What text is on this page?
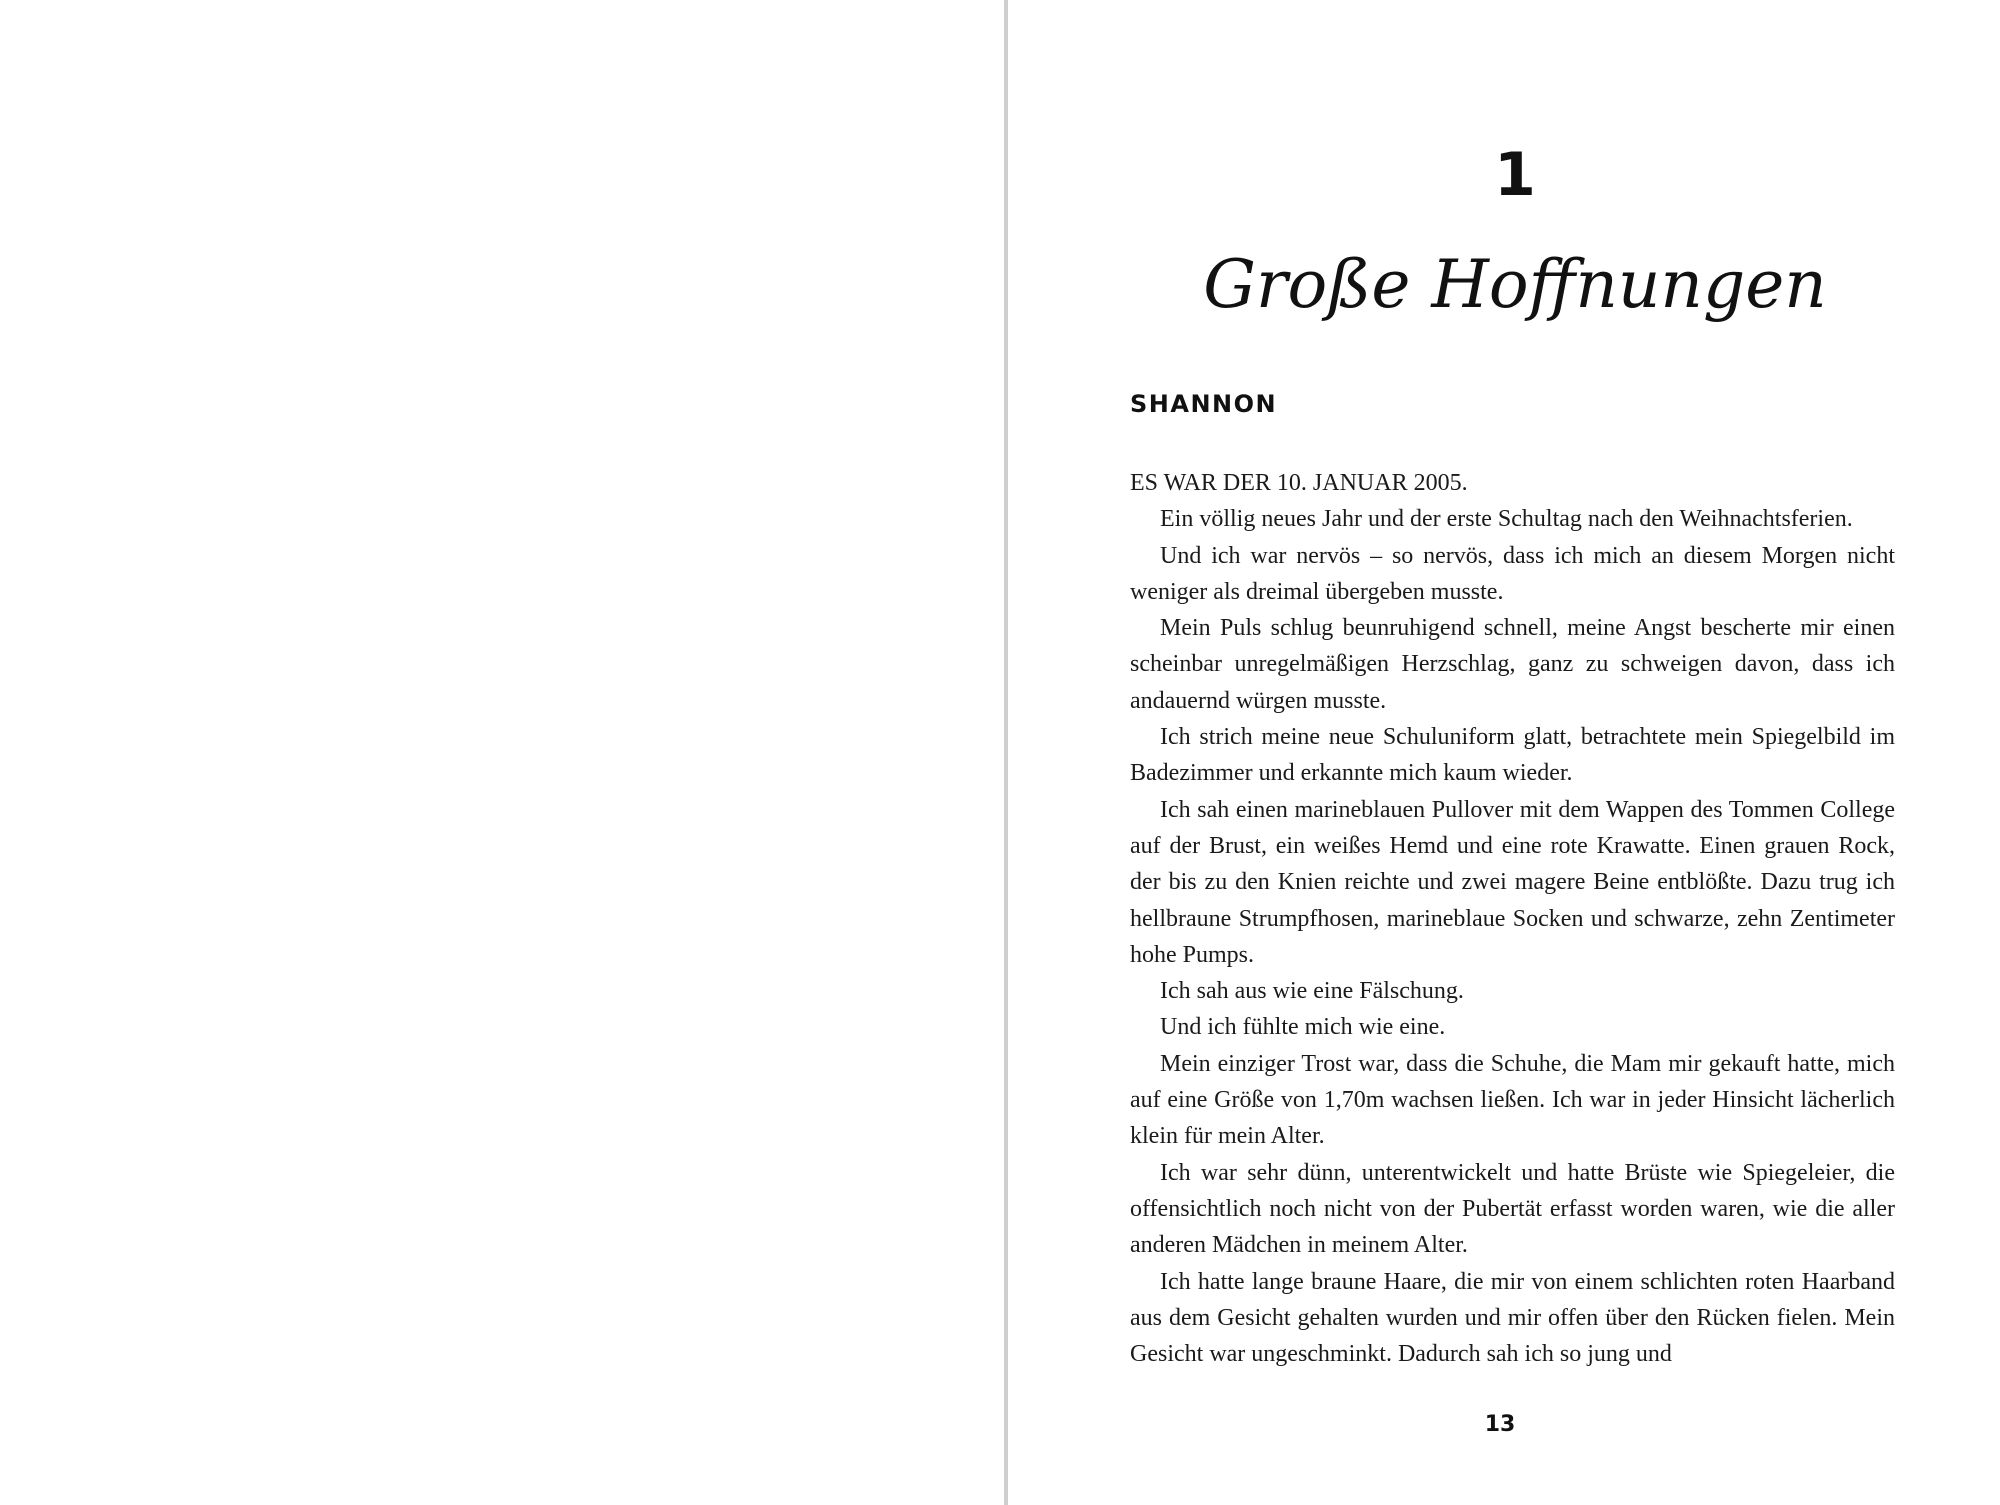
1
Große Hoffnungen
SHANNON

ES WAR DER 10. JANUAR 2005.

Ein völlig neues Jahr und der erste Schultag nach den Weihnachtsferien.

Und ich war nervös – so nervös, dass ich mich an diesem Morgen nicht weniger als dreimal übergeben musste.

Mein Puls schlug beunruhigend schnell, meine Angst bescherte mir einen scheinbar unregelmäßigen Herzschlag, ganz zu schweigen davon, dass ich andauernd würgen musste.

Ich strich meine neue Schuluniform glatt, betrachtete mein Spiegelbild im Badezimmer und erkannte mich kaum wieder.

Ich sah einen marineblauen Pullover mit dem Wappen des Tommen College auf der Brust, ein weißes Hemd und eine rote Krawatte. Einen grauen Rock, der bis zu den Knien reichte und zwei magere Beine entblößte. Dazu trug ich hellbraune Strumpfhosen, marineblaue Socken und schwarze, zehn Zentimeter hohe Pumps.

Ich sah aus wie eine Fälschung.

Und ich fühlte mich wie eine.

Mein einziger Trost war, dass die Schuhe, die Mam mir gekauft hatte, mich auf eine Größe von 1,70m wachsen ließen. Ich war in jeder Hinsicht lächerlich klein für mein Alter.

Ich war sehr dünn, unterentwickelt und hatte Brüste wie Spiegeleier, die offensichtlich noch nicht von der Pubertät erfasst worden waren, wie die aller anderen Mädchen in meinem Alter.

Ich hatte lange braune Haare, die mir von einem schlichten roten Haarband aus dem Gesicht gehalten wurden und mir offen über den Rücken fielen. Mein Gesicht war ungeschminkt. Dadurch sah ich so jung und

13
